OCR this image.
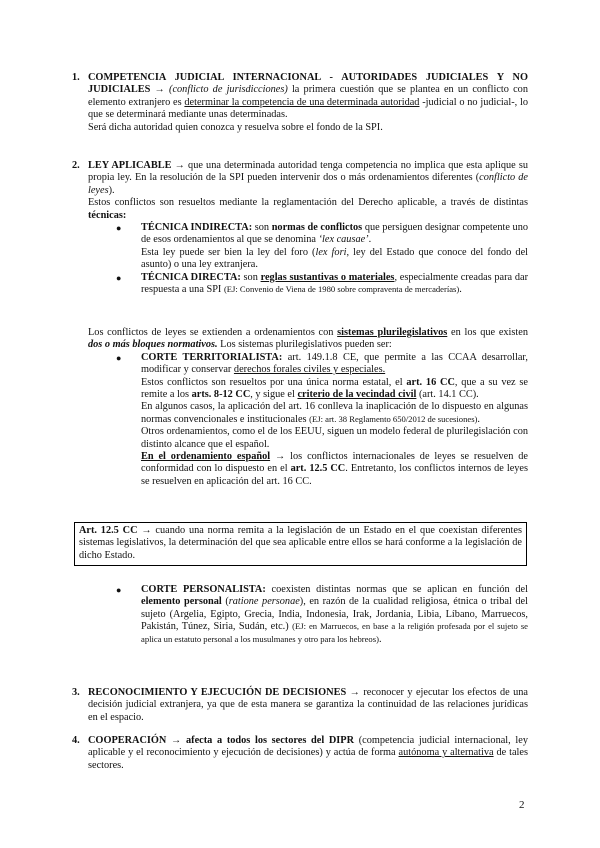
1. COMPETENCIA JUDICIAL INTERNACIONAL - AUTORIDADES JUDICIALES Y NO JUDICIALES → (conflicto de jurisdicciones) la primera cuestión que se plantea en un conflicto con elemento extranjero es determinar la competencia de una determinada autoridad -judicial o no judicial-, lo que se determinará mediante unas determinadas.

Será dicha autoridad quien conozca y resuelva sobre el fondo de la SPI.

2. LEY APLICABLE → que una determinada autoridad tenga competencia no implica que esta aplique su propia ley. En la resolución de la SPI pueden intervenir dos o más ordenamientos diferentes (conflicto de leyes).

Estos conflictos son resueltos mediante la reglamentación del Derecho aplicable, a través de distintas técnicas:

● TÉCNICA INDIRECTA: son normas de conflictos que persiguen designar competente uno de esos ordenamientos al que se denomina ‘lex causae’.

Esta ley puede ser bien la ley del foro (lex fori, ley del Estado que conoce del fondo del asunto) o una ley extranjera.

● TÉCNICA DIRECTA: son reglas sustantivas o materiales, especialmente creadas para dar respuesta a una SPI (EJ: Convenio de Viena de 1980 sobre compraventa de mercaderías).

Los conflictos de leyes se extienden a ordenamientos con sistemas plurilegislativos en los que existen dos o más bloques normativos. Los sistemas plurilegislativos pueden ser:

● CORTE TERRITORIALISTA: art. 149.1.8 CE, que permite a las CCAA desarrollar, modificar y conservar derechos forales civiles y especiales.

Estos conflictos son resueltos por una única norma estatal, el art. 16 CC, que a su vez se remite a los arts. 8-12 CC, y sigue el criterio de la vecindad civil (art. 14.1 CC).

En algunos casos, la aplicación del art. 16 conlleva la inaplicación de lo dispuesto en algunas normas convencionales e institucionales (EJ: art. 38 Reglamento 650/2012 de sucesiones).

Otros ordenamientos, como el de los EEUU, siguen un modelo federal de plurilegislación con distinto alcance que el español.

En el ordenamiento español → los conflictos internacionales de leyes se resuelven de conformidad con lo dispuesto en el art. 12.5 CC. Entretanto, los conflictos internos de leyes se resuelven en aplicación del art. 16 CC.

Art. 12.5 CC → cuando una norma remita a la legislación de un Estado en el que coexistan diferentes sistemas legislativos, la determinación del que sea aplicable entre ellos se hará conforme a la legislación de dicho Estado.

● CORTE PERSONALISTA: coexisten distintas normas que se aplican en función del elemento personal (ratione personae), en razón de la cualidad religiosa, étnica o tribal del sujeto (Argelia, Egipto, Grecia, India, Indonesia, Irak, Jordania, Libia, Líbano, Marruecos, Pakistán, Túnez, Siria, Sudán, etc.) (EJ: en Marruecos, en base a la religión profesada por el sujeto se aplica un estatuto personal a los musulmanes y otro para los hebreos).

3. RECONOCIMIENTO Y EJECUCIÓN DE DECISIONES → reconocer y ejecutar los efectos de una decisión judicial extranjera, ya que de esta manera se garantiza la continuidad de las relaciones jurídicas en el espacio.

4. COOPERACIÓN → afecta a todos los sectores del DIPR (competencia judicial internacional, ley aplicable y el reconocimiento y ejecución de decisiones) y actúa de forma autónoma y alternativa de tales sectores.

2
